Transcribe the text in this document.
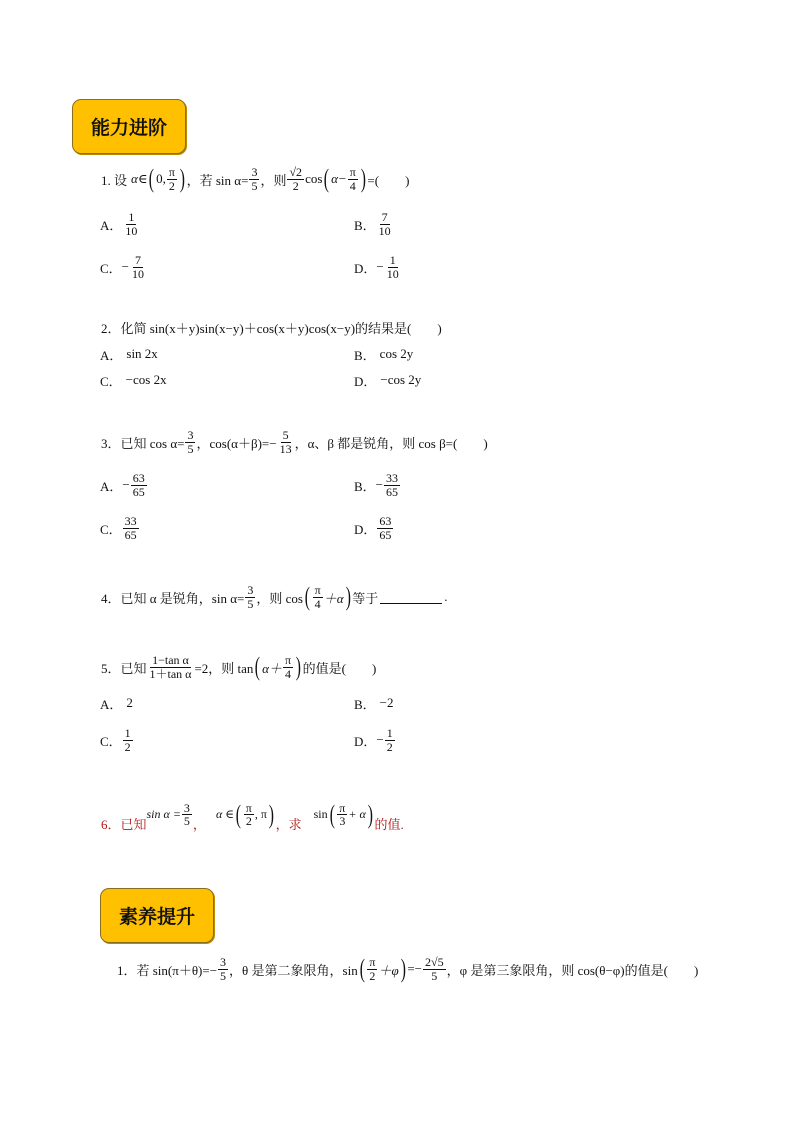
能力进阶
1. 设 α∈ ( 0, $\frac{\pi}{2}$ ) ，若 $\sin \alpha= \frac{3}{5}$ ，则 $\frac{√2}{2}$ cos ( $\alpha- \frac{\pi}{4}$ ) =(　　)
A． $\frac{1}{10}$	B． $\frac{7}{10}$
C． − $\frac{7}{10}$	D． − $\frac{1}{10}$
2．化简 sin(x＋y)sin(x−y)＋cos(x＋y)cos(x−y)的结果是(　　)
A． sin 2x	B． cos 2y
C． −cos 2x	D． −cos 2y
3．已知 $\cos \alpha= \frac{3}{5}$ ，$\cos(\alpha+\beta)=- \frac{5}{13}$ ，α、β 都是锐角，则 cos β=(　　)
A． − $\frac{63}{65}$	B． − $\frac{33}{65}$
C． $\frac{33}{65}$	D． $\frac{63}{65}$
4．已知 α 是锐角，$\sin \alpha= \frac{3}{5}$ ，则 cos ( $\frac{\pi}{4} +\alpha$ ) 等于	.
5．已知 $\frac{\text{1−tan α}}{\text{1＋tan α}} =2$，则 tan ( $\alpha+ \frac{\pi}{4}$ ) 的值是(　　)
A． 2	B． −2
C． $\frac{1}{2}$	D． − $\frac{1}{2}$
6．已知
$\sin \alpha = \frac{3}{5}$ ，
α ∈ ( $\frac{\pi}{2}$ , π ) ，求
sin ( $\frac{\pi}{3} + \alpha$ ) 的值.
素养提升
1．若 $\sin(\pi+\theta)=- \frac{3}{5}$ ，θ 是第二象限角，sin ( $\frac{\pi}{2} +\varphi$ ) =− $\frac{2√5}{5}$ ，φ 是第三象限角，则 cos(θ−φ)的值是(　　)
